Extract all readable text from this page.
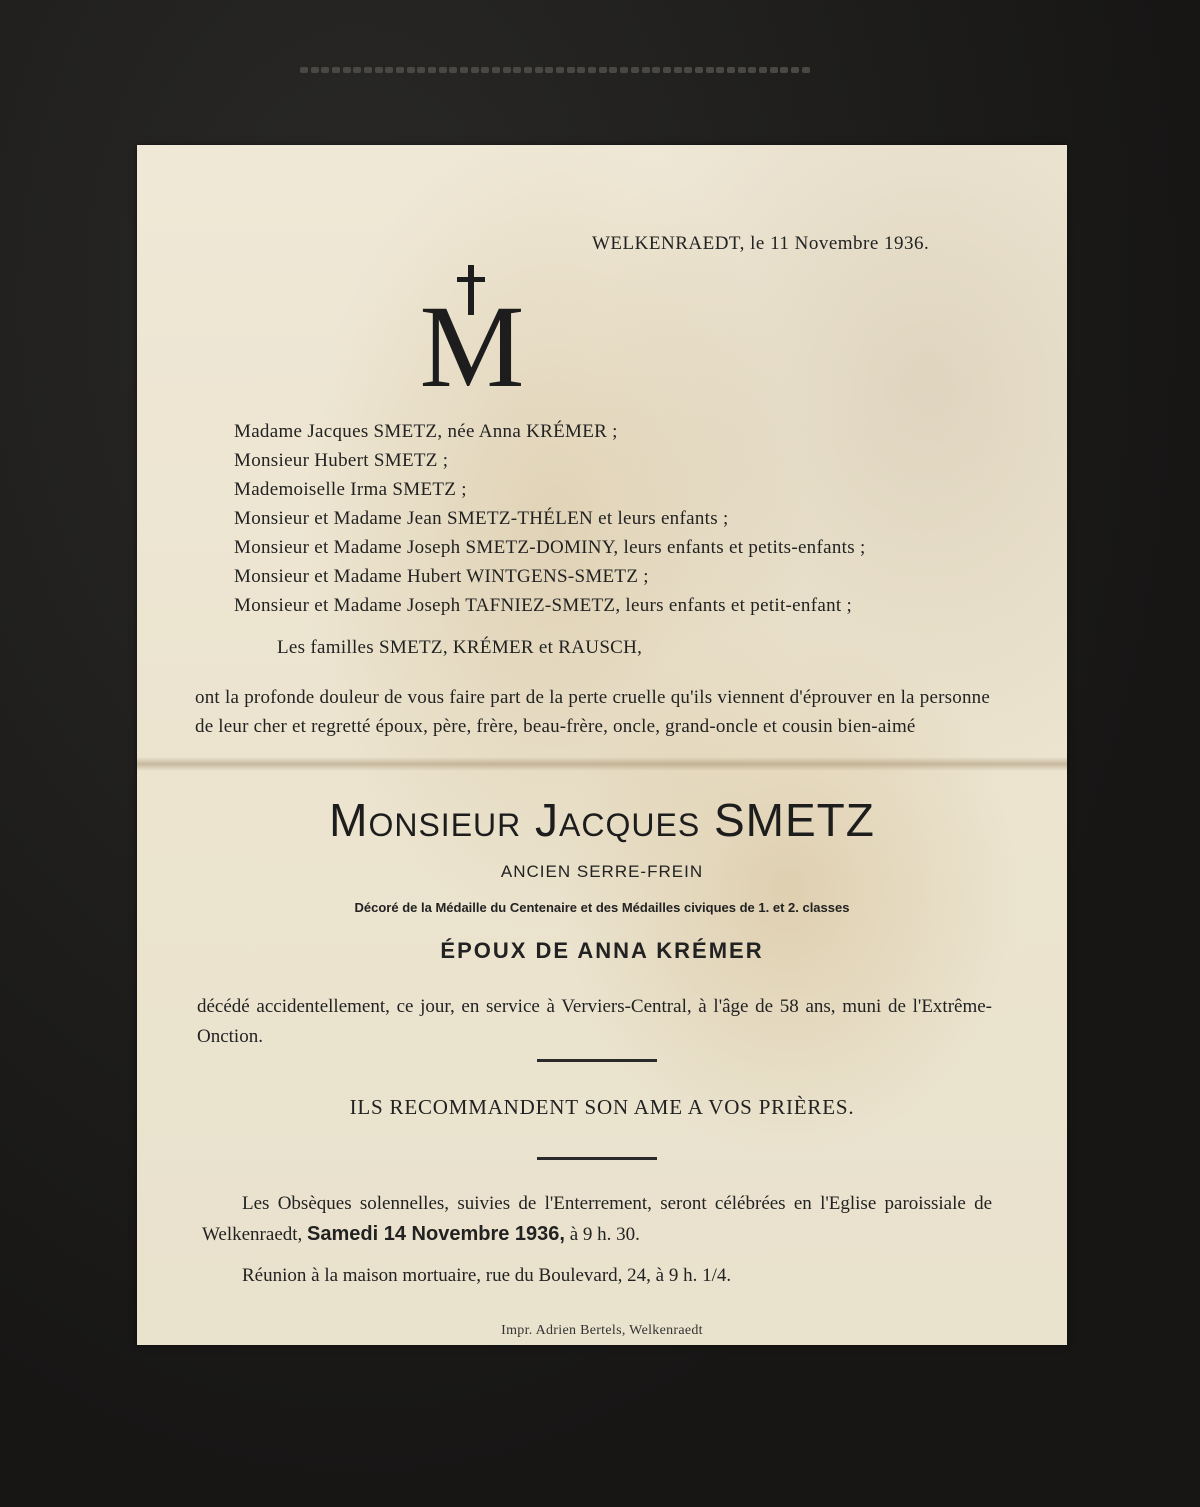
WELKENRAEDT, le 11 Novembre 1936.
M
Madame Jacques SMETZ, née Anna KRÉMER ;
Monsieur Hubert SMETZ ;
Mademoiselle Irma SMETZ ;
Monsieur et Madame Jean SMETZ-THÉLEN et leurs enfants ;
Monsieur et Madame Joseph SMETZ-DOMINY, leurs enfants et petits-enfants ;
Monsieur et Madame Hubert WINTGENS-SMETZ ;
Monsieur et Madame Joseph TAFNIEZ-SMETZ, leurs enfants et petit-enfant ;
Les familles SMETZ, KRÉMER et RAUSCH,
ont la profonde douleur de vous faire part de la perte cruelle qu'ils viennent d'éprouver en la personne de leur cher et regretté époux, père, frère, beau-frère, oncle, grand-oncle et cousin bien-aimé
Monsieur Jacques SMETZ
ANCIEN SERRE-FREIN
Décoré de la Médaille du Centenaire et des Médailles civiques de 1. et 2. classes
ÉPOUX DE ANNA KRÉMER
décédé accidentellement, ce jour, en service à Verviers-Central, à l'âge de 58 ans, muni de l'Extrême-Onction.
ILS RECOMMANDENT SON AME A VOS PRIÈRES.
Les Obsèques solennelles, suivies de l'Enterrement, seront célébrées en l'Eglise paroissiale de Welkenraedt, Samedi 14 Novembre 1936, à 9 h. 30.
Réunion à la maison mortuaire, rue du Boulevard, 24, à 9 h. 1/4.
Impr. Adrien Bertels, Welkenraedt
